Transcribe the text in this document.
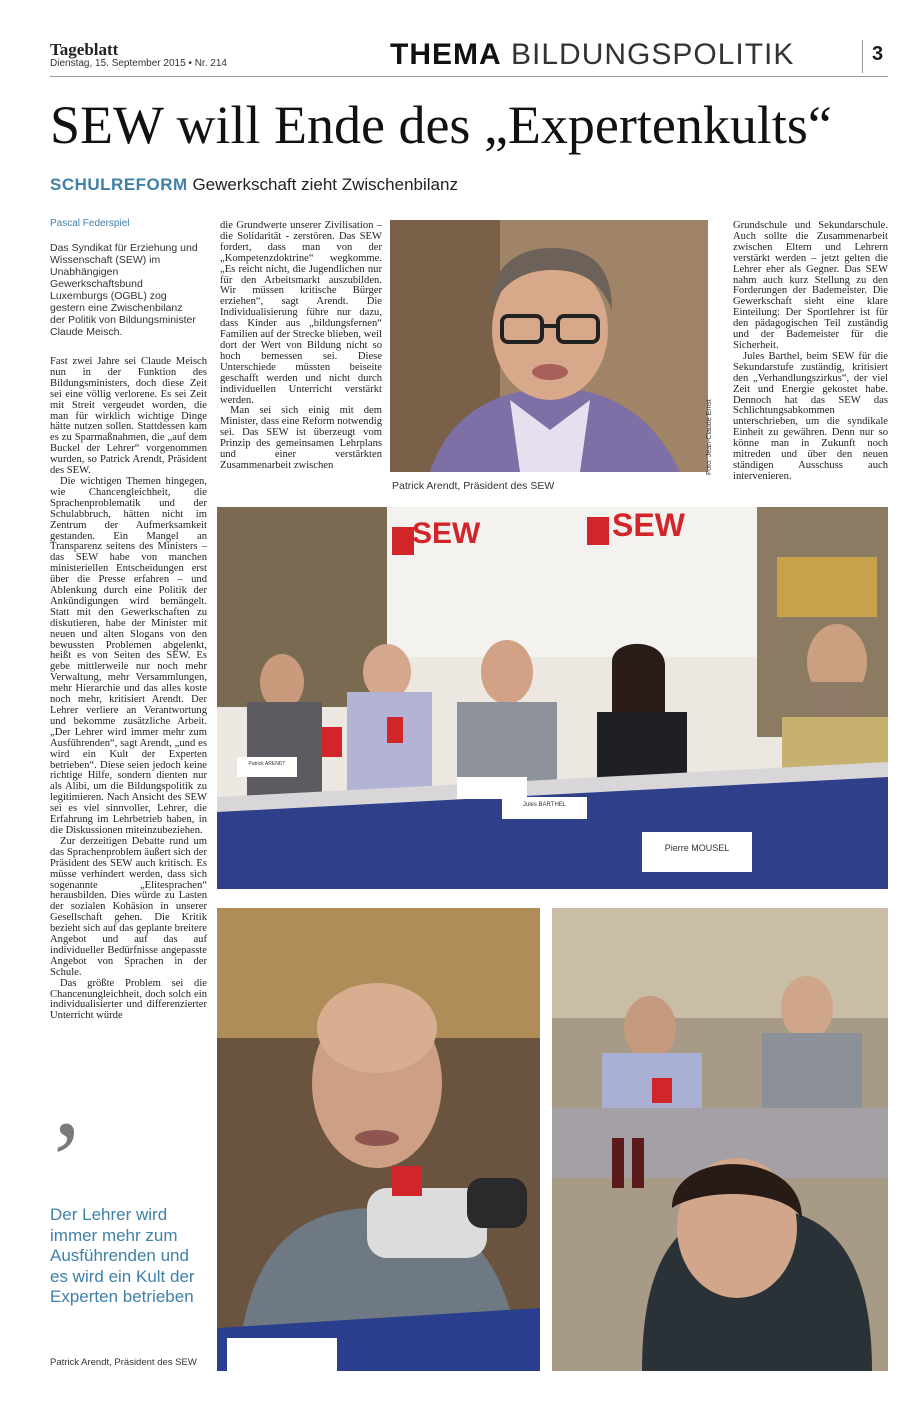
Tageblatt
Dienstag, 15. September 2015 • Nr. 214	THEMA BILDUNGSPOLITIK	3
SEW will Ende des „Expertenkults“
SCHULREFORM Gewerkschaft zieht Zwischenbilanz
Pascal Federspiel
Das Syndikat für Erziehung und Wissenschaft (SEW) im Unabhängigen Gewerkschaftsbund Luxemburgs (OGBL) zog gestern eine Zwischenbilanz der Politik von Bildungsminister Claude Meisch.

Fast zwei Jahre sei Claude Meisch nun in der Funktion des Bildungsministers, doch diese Zeit sei eine völlig verlorene. Es sei Zeit mit Streit vergeudet worden, die man für wirklich wichtige Dinge hätte nutzen sollen. Stattdessen kam es zu Sparmaßnahmen, die „auf dem Buckel der Lehrer“ vorgenommen wurden, so Patrick Arendt, Präsident des SEW.

Die wichtigen Themen hingegen, wie Chancengleichheit, die Sprachenproblematik und der Schulabbruch, hätten nicht im Zentrum der Aufmerksamkeit gestanden. Ein Mangel an Transparenz seitens des Ministers – das SEW habe von manchen ministeriellen Entscheidungen erst über die Presse erfahren – und Ablenkung durch eine Politik der Ankündigungen wird bemängelt. Statt mit den Gewerkschaften zu diskutieren, habe der Minister mit neuen und alten Slogans von den bewussten Problemen abgelenkt, heißt es von Seiten des SEW. Es gebe mittlerweile nur noch mehr Verwaltung, mehr Versammlungen, mehr Hierarchie und das alles koste noch mehr, kritisiert Arendt. Der Lehrer verliere an Verantwortung und bekomme zusätzliche Arbeit. „Der Lehrer wird immer mehr zum Ausführenden“, sagt Arendt, „und es wird ein Kult der Experten betrieben“. Diese seien jedoch keine richtige Hilfe, sondern dienten nur als Alibi, um die Bildungspolitik zu legitimieren. Nach Ansicht des SEW sei es viel sinnvoller, Lehrer, die Erfahrung im Lehrbetrieb haben, in die Diskussionen miteinzubeziehen.

Zur derzeitigen Debatte rund um das Sprachenproblem äußert sich der Präsident des SEW auch kritisch. Es müsse verhindert werden, dass sich sogenannte „Elitesprachen“ herausbilden. Dies würde zu Lasten der sozialen Kohäsion in unserer Gesellschaft gehen. Die Kritik bezieht sich auf das geplante breitere Angebot und auf das auf individueller Bedürfnisse angepasste Angebot von Sprachen in der Schule.

Das größte Problem sei die Chancenungleichheit, doch solch ein individualisierter und differenzierter Unterricht würde

die Grundwerte unserer Zivilisation – die Solidarität - zerstören. Das SEW fordert, dass man von der „Kompetenzdoktrine“ wegkomme. „Es reicht nicht, die Jugendlichen nur für den Arbeitsmarkt auszubilden. Wir müssen kritische Bürger erziehen“, sagt Arendt. Die Individualisierung führe nur dazu, dass Kinder aus „bildungsfernen“ Familien auf der Strecke blieben, weil dort der Wert von Bildung nicht so hoch bemessen sei. Diese Unterschiede müssten beiseite geschafft werden und nicht durch individuellen Unterricht verstärkt werden.

Man sei sich einig mit dem Minister, dass eine Reform notwendig sei. Das SEW ist überzeugt vom Prinzip des gemeinsamen Lehrplans und einer verstärkten Zusammenarbeit zwischen

Grundschule und Sekundarschule. Auch sollte die Zusammenarbeit zwischen Eltern und Lehrern verstärkt werden – jetzt gelten die Lehrer eher als Gegner. Das SEW nahm auch kurz Stellung zu den Forderungen der Bademeister. Die Gewerkschaft sieht eine klare Einteilung: Der Sportlehrer ist für den pädagogischen Teil zuständig und der Bademeister für die Sicherheit.

Jules Barthel, beim SEW für die Sekundarstufe zuständig, kritisiert den „Verhandlungszirkus“, der viel Zeit und Energie gekostet habe. Dennoch hat das SEW das Schlichtungsabkommen unterschrieben, um die syndikale Einheit zu gewähren. Denn nur so könne man in Zukunft noch mitreden und über den neuen ständigen Ausschuss auch intervenieren.

Foto: Jean-Claude Ernst
Patrick Arendt, Präsident des SEW
SEW	SEW
Patrick ARENDT
Jules BARTHEL
Pierre MOUSEL
’
Der Lehrer wird immer mehr zum Ausführenden und es wird ein Kult der Experten betrieben
Patrick Arendt, Präsident des SEW
